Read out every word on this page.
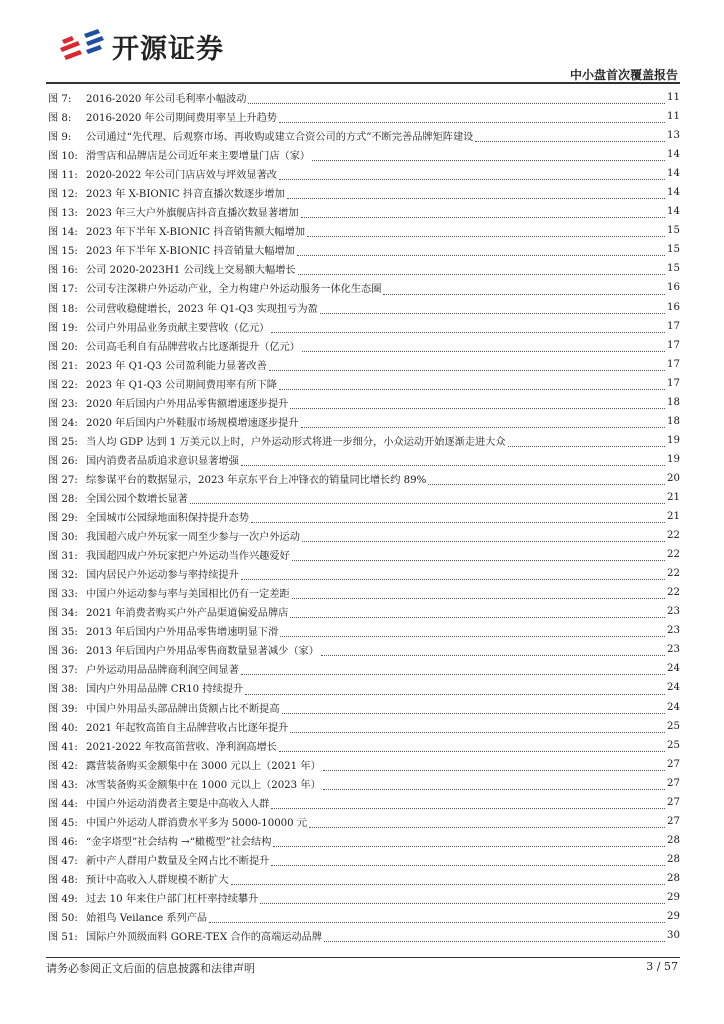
开源证券
中小盘首次覆盖报告
图 7:	2016-2020 年公司毛利率小幅波动	11
图 8:	2016-2020 年公司期间费用率呈上升趋势	11
图 9:	公司通过“先代理、后观察市场、再收购或建立合资公司的方式”不断完善品牌矩阵建设	13
图 10: 滑雪店和品牌店是公司近年来主要增量门店（家）	14
图 11: 2020-2022 年公司门店店效与坪效显著改	14
图 12: 2023 年 X-BIONIC 抖音直播次数逐步增加	14
图 13: 2023 年三大户外旗舰店抖音直播次数显著增加	14
图 14: 2023 年下半年 X-BIONIC 抖音销售额大幅增加	15
图 15: 2023 年下半年 X-BIONIC 抖音销量大幅增加	15
图 16: 公司 2020-2023H1 公司线上交易额大幅增长	15
图 17: 公司专注深耕户外运动产业，全力构建户外运动服务一体化生态圈	16
图 18: 公司营收稳健增长，2023 年 Q1-Q3 实现扭亏为盈	16
图 19: 公司户外用品业务贡献主要营收（亿元）	17
图 20: 公司高毛利自有品牌营收占比逐渐提升（亿元）	17
图 21: 2023 年 Q1-Q3 公司盈利能力显著改善	17
图 22: 2023 年 Q1-Q3 公司期间费用率有所下降	17
图 23: 2020 年后国内户外用品零售额增速逐步提升	18
图 24: 2020 年后国内户外鞋服市场规模增速逐步提升	18
图 25: 当人均 GDP 达到 1 万美元以上时，户外运动形式将进一步细分，小众运动开始逐渐走进大众	19
图 26: 国内消费者品质追求意识显著增强	19
图 27: 综参谋平台的数据显示，2023 年京东平台上冲锋衣的销量同比增长约 89%	20
图 28: 全国公园个数增长显著	21
图 29: 全国城市公园绿地面积保持提升态势	21
图 30: 我国超六成户外玩家一周至少参与一次户外运动	22
图 31: 我国超四成户外玩家把户外运动当作兴趣爱好	22
图 32: 国内居民户外运动参与率持续提升	22
图 33: 中国户外运动参与率与美国相比仍有一定差距	22
图 34: 2021 年消费者购买户外产品渠道偏爱品牌店	23
图 35: 2013 年后国内户外用品零售增速明显下滑	23
图 36: 2013 年后国内户外用品零售商数量显著减少（家）	23
图 37: 户外运动用品品牌商利润空间显著	24
图 38: 国内户外用品品牌 CR10 持续提升	24
图 39: 中国户外用品头部品牌出货额占比不断提高	24
图 40: 2021 年起牧高笛自主品牌营收占比逐年提升	25
图 41: 2021-2022 年牧高笛营收、净利润高增长	25
图 42: 露营装备购买金额集中在 3000 元以上（2021 年）	27
图 43: 冰雪装备购买金额集中在 1000 元以上（2023 年）	27
图 44: 中国户外运动消费者主要是中高收入人群	27
图 45: 中国户外运动人群消费水平多为 5000-10000 元	27
图 46: “金字塔型”社会结构 →“橄榄型”社会结构	28
图 47: 新中产人群用户数量及全网占比不断提升	28
图 48: 预计中高收入人群规模不断扩大	28
图 49: 过去 10 年来住户部门杠杆率持续攀升	29
图 50: 始祖鸟 Veilance 系列产品	29
图 51: 国际户外顶级面料 GORE-TEX 合作的高端运动品牌	30
请务必参阅正文后面的信息披露和法律声明	3 / 57
